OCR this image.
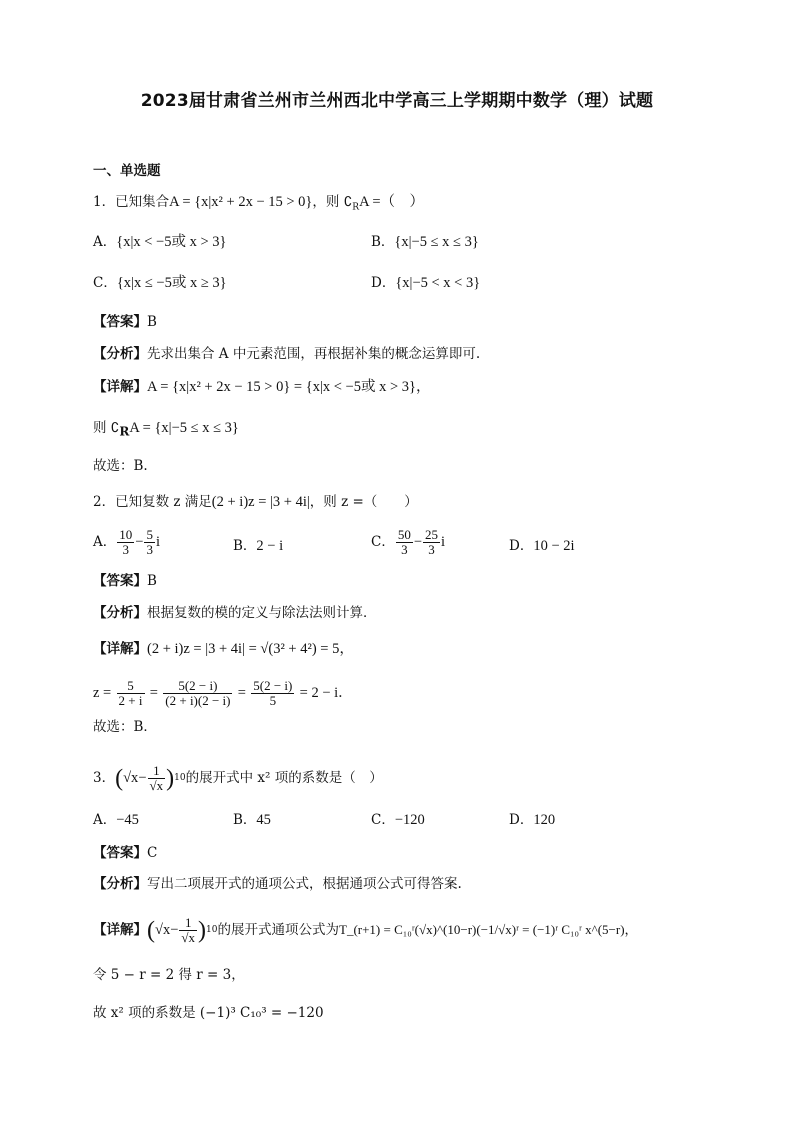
2023届甘肃省兰州市兰州西北中学高三上学期期中数学（理）试题
一、单选题
1．已知集合A = {x|x² + 2x − 15 > 0}，则 $∁_RA$ =（　）
A．{x|x < −5或 x > 3}	B．{x|−5 ≤ x ≤ 3}
C．{x|x ≤ −5或 x ≥ 3}	D．{x|−5 < x < 3}
【答案】B
【分析】先求出集合 A 中元素范围，再根据补集的概念运算即可.
【详解】A = {x|x² + 2x − 15 > 0} = {x|x < −5或 x > 3}，
则 ∁RA = {x|−5 ≤ x ≤ 3}
故选：B.
2．已知复数 z 满足(2 + i)z = |3 + 4i|，则 z =（　　）
A． $\frac{10}{3} - \frac{5}{3}$ i	B．2 − i	C． $\frac{50}{3} - \frac{25}{3}$ i	D．10 − 2i
【答案】B
【分析】根据复数的模的定义与除法法则计算．
【详解】(2 + i)z = |3 + 4i| = √(3² + 4²) = 5，
$z = \frac{5}{2 + i} = \frac{5(2 - i)}{(2 + i)(2 - i)} = \frac{5(2 - i)}{5} = 2 - i$．
故选：B．
3．$(√x- \frac{1}{√x} )^{10}$的展开式中 x² 项的系数是（　）
A．−45	B．45	C．−120	D．120
【答案】C
【分析】写出二项展开式的通项公式，根据通项公式可得答案.
【详解】$(√x- \frac{1}{√x} )^{10}$的展开式通项公式为T_(r+1) = C₁₀ʳ(√x)^(10−r)(−1/√x)ʳ = (−1)ʳ C₁₀ʳ x^(5−r)，
令 5 − r = 2 得 r = 3，
故 x² 项的系数是 (−1)³ C₁₀³ = −120
